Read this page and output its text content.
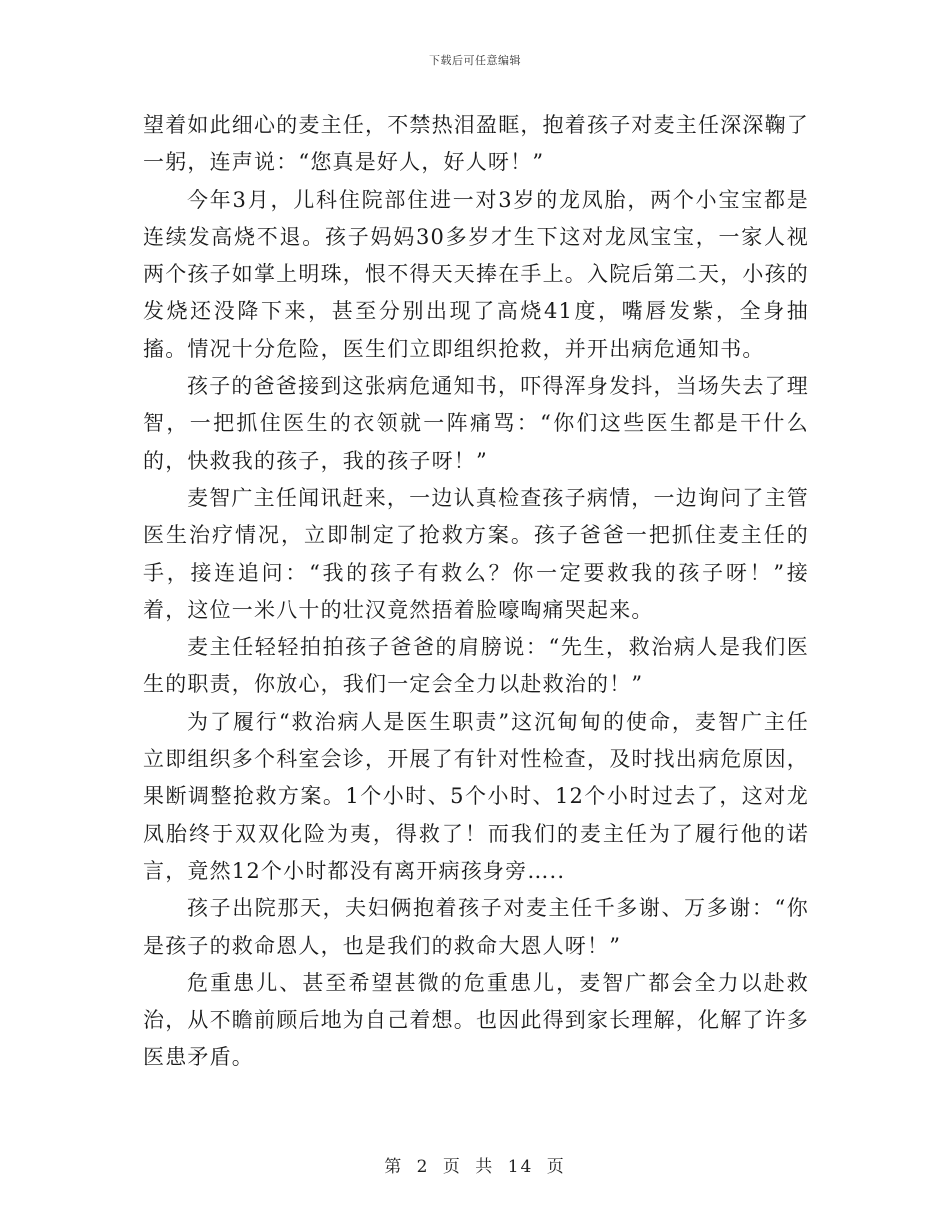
下载后可任意编辑

望着如此细心的麦主任，不禁热泪盈眶，抱着孩子对麦主任深深鞠了一躬，连声说：“您真是好人，好人呀！”

今年3月，儿科住院部住进一对3岁的龙凤胎，两个小宝宝都是连续发高烧不退。孩子妈妈30多岁才生下这对龙凤宝宝，一家人视两个孩子如掌上明珠，恨不得天天捧在手上。入院后第二天，小孩的发烧还没降下来，甚至分别出现了高烧41度，嘴唇发紫，全身抽搐。情况十分危险，医生们立即组织抢救，并开出病危通知书。

孩子的爸爸接到这张病危通知书，吓得浑身发抖，当场失去了理智，一把抓住医生的衣领就一阵痛骂：“你们这些医生都是干什么的，快救我的孩子，我的孩子呀！”

麦智广主任闻讯赶来，一边认真检查孩子病情，一边询问了主管医生治疗情况，立即制定了抢救方案。孩子爸爸一把抓住麦主任的手，接连追问：“我的孩子有救么？你一定要救我的孩子呀！”接着，这位一米八十的壮汉竟然捂着脸嚎啕痛哭起来。

麦主任轻轻拍拍孩子爸爸的肩膀说：“先生，救治病人是我们医生的职责，你放心，我们一定会全力以赴救治的！”

为了履行“救治病人是医生职责”这沉甸甸的使命，麦智广主任立即组织多个科室会诊，开展了有针对性检查，及时找出病危原因，果断调整抢救方案。1个小时、5个小时、12个小时过去了，这对龙凤胎终于双双化险为夷，得救了！而我们的麦主任为了履行他的诺言，竟然12个小时都没有离开病孩身旁…..

孩子出院那天，夫妇俩抱着孩子对麦主任千多谢、万多谢：“你是孩子的救命恩人，也是我们的救命大恩人呀！”

危重患儿、甚至希望甚微的危重患儿，麦智广都会全力以赴救治，从不瞻前顾后地为自己着想。也因此得到家长理解，化解了许多医患矛盾。

第 2 页 共 14 页
